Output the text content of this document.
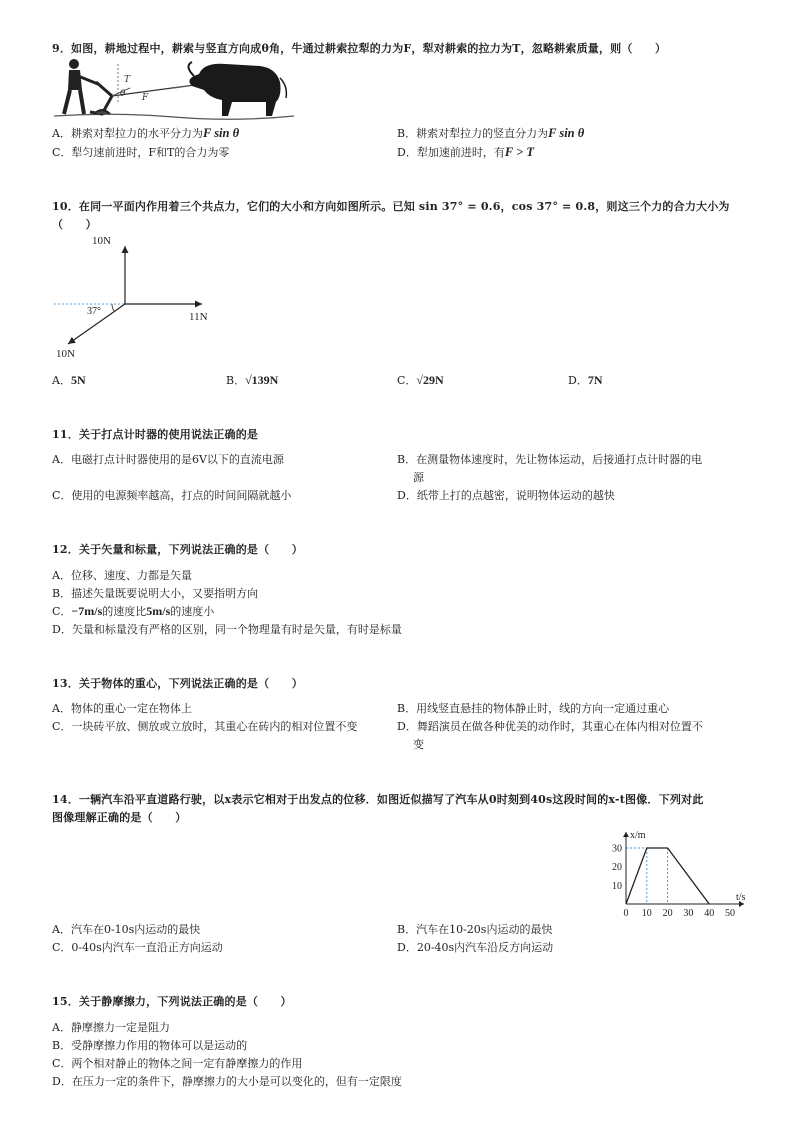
9．如图，耕地过程中，耕索与竖直方向成θ角，牛通过耕索拉犁的力为F，犁对耕索的拉力为T，忽略耕索质量，则（　　）
θ
T
F
A．耕索对犁拉力的水平分力为F sin θ	B．耕索对犁拉力的竖直分力为F sin θ
C．犁匀速前进时，F和T的合力为零	D．犁加速前进时，有F > T
10．在同一平面内作用着三个共点力，它们的大小和方向如图所示。已知 sin 37° = 0.6，cos 37° = 0.8，则这三个力的合力大小为
（　　）
10N
11N
10N
37°
A．5N	B．√139N	C．√29N	D．7N
11．关于打点计时器的使用说法正确的是
A．电磁打点计时器使用的是6V以下的直流电源	B．在测量物体速度时，先让物体运动，后接通打点计时器的电
源
C．使用的电源频率越高，打点的时间间隔就越小	D．纸带上打的点越密，说明物体运动的越快
12．关于矢量和标量，下列说法正确的是（　　）
A．位移、速度、力都是矢量
B．描述矢量既要说明大小，又要指明方向
C．−7m/s的速度比5m/s的速度小
D．矢量和标量没有严格的区别，同一个物理量有时是矢量，有时是标量
13．关于物体的重心，下列说法正确的是（　　）
A．物体的重心一定在物体上	B．用线竖直悬挂的物体静止时，线的方向一定通过重心
C．一块砖平放、侧放或立放时，其重心在砖内的相对位置不变	D．舞蹈演员在做各种优美的动作时，其重心在体内相对位置不
变
14．一辆汽车沿平直道路行驶，以x表示它相对于出发点的位移．如图近似描写了汽车从0时刻到40s这段时间的x-t图像．下列对此
图像理解正确的是（　　）
x/m
t/s
0 10 20 30 40 50
10
20
30
A．汽车在0-10s内运动的最快	B．汽车在10-20s内运动的最快
C．0-40s内汽车一直沿正方向运动	D．20-40s内汽车沿反方向运动
15．关于静摩擦力，下列说法正确的是（　　）
A．静摩擦力一定是阻力
B．受静摩擦力作用的物体可以是运动的
C．两个相对静止的物体之间一定有静摩擦力的作用
D．在压力一定的条件下，静摩擦力的大小是可以变化的，但有一定限度
